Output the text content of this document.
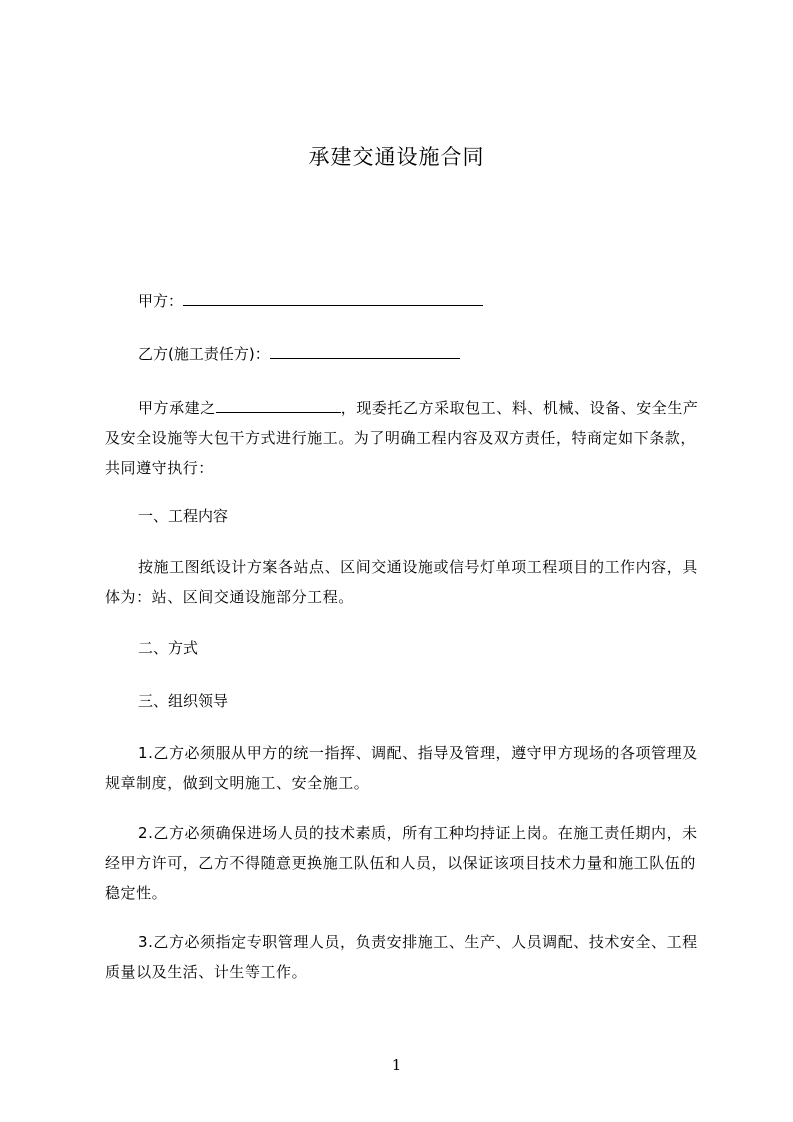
承建交通设施合同
甲方：
乙方(施工责任方)：
甲方承建之	，现委托乙方采取包工、料、机械、设备、安全生产及安全设施等大包干方式进行施工。为了明确工程内容及双方责任，特商定如下条款，共同遵守执行：
一、工程内容
按施工图纸设计方案各站点、区间交通设施或信号灯单项工程项目的工作内容，具体为：站、区间交通设施部分工程。
二、方式
三、组织领导
1.乙方必须服从甲方的统一指挥、调配、指导及管理，遵守甲方现场的各项管理及规章制度，做到文明施工、安全施工。
2.乙方必须确保进场人员的技术素质，所有工种均持证上岗。在施工责任期内，未经甲方许可，乙方不得随意更换施工队伍和人员，以保证该项目技术力量和施工队伍的稳定性。
3.乙方必须指定专职管理人员，负责安排施工、生产、人员调配、技术安全、工程质量以及生活、计生等工作。
1
